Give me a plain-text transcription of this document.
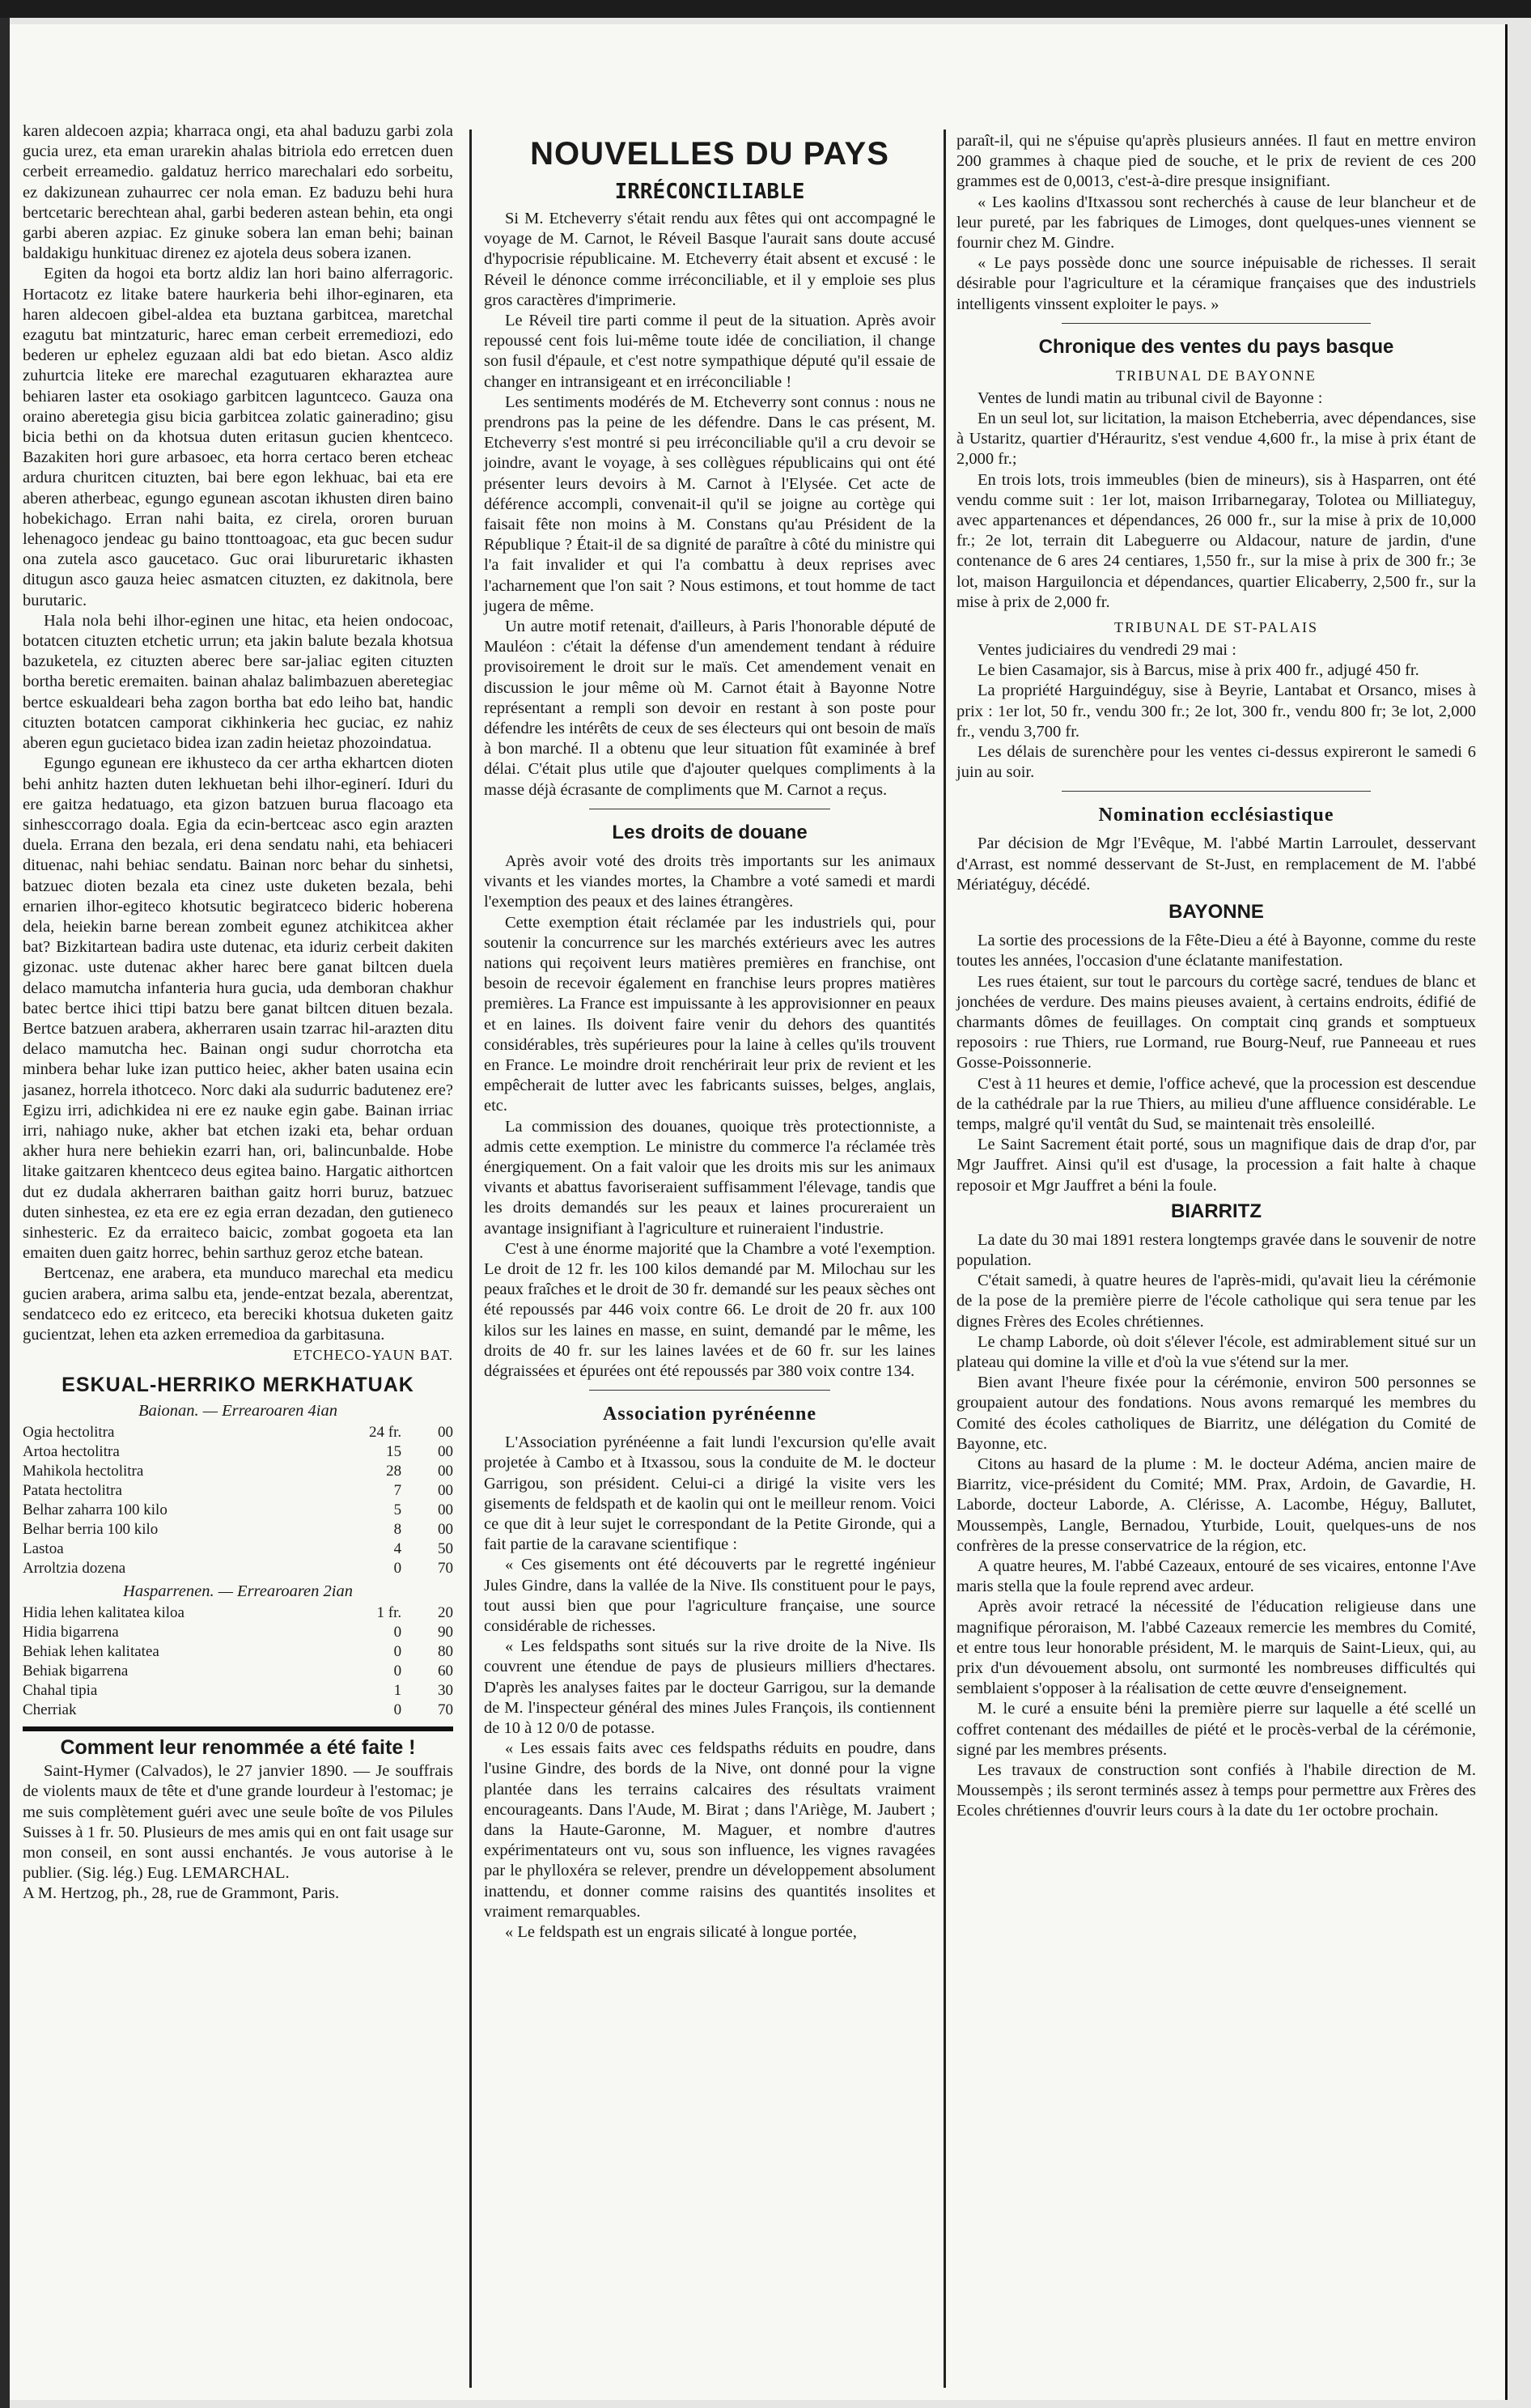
karen aldecoen azpia; kharraca ongi, eta ahal baduzu garbi zola gucia urez, eta eman urarekin ahalas bitriola edo erretcen duen cerbeit erreamedio. galdatuz herrico marechalari edo sorbeitu, ez dakizunean zuhaurrec cer nola eman. Ez baduzu behi hura bertcetaric berechtean ahal, garbi bederen astean behin, eta ongi garbi aberen azpiac. Ez ginuke sobera lan eman behi; bainan baldakigu hunkituac direnez ez ajotela deus sobera izanen.

Egiten da hogoi eta bortz aldiz lan hori baino alferragoric. Hortacotz ez litake batere haurkeria behi ilhor-eginaren, eta haren aldecoen gibel-aldea eta buztana garbitcea, maretchal ezagutu bat mintzaturic, harec eman cerbeit erremediozi, edo bederen ur ephelez eguzaan aldi bat edo bietan. Asco aldiz zuhurtcia liteke ere marechal ezagutuaren ekharaztea aure behiaren laster eta osokiago garbitcen laguntceco. Gauza ona oraino aberetegia gisu bicia garbitcea zolatic gaineradino; gisu bicia bethi on da khotsua duten eritasun gucien khentceco. Bazakiten hori gure arbasoec, eta horra certaco beren etcheac ardura churitcen cituzten, bai bere egon lekhuac, bai eta ere aberen atherbeac, egungo egunean ascotan ikhusten diren baino hobekichago. Erran nahi baita, ez cirela, ororen buruan lehenagoco jendeac gu baino ttonttoagoac, eta guc becen sudur ona zutela asco gaucetaco. Guc orai libururetaric ikhasten ditugun asco gauza heiec asmatcen cituzten, ez dakitnola, bere burutaric.

Hala nola behi ilhor-eginen une hitac, eta heien ondocoac, botatcen cituzten etchetic urrun; eta jakin balute bezala khotsua bazuketela, ez cituzten aberec bere sar-jaliac egiten cituzten bortha beretic eremaiten. bainan ahalaz balimbazuen aberetegiac bertce eskualdeari beha zagon bortha bat edo leiho bat, handic cituzten botatcen camporat cikhinkeria hec guciac, ez nahiz aberen egun gucietaco bidea izan zadin heietaz phozoindatua.

Egungo egunean ere ikhusteco da cer artha ekhartcen dioten behi anhitz hazten duten lekhuetan behi ilhor-eginerí. Iduri du ere gaitza hedatuago, eta gizon batzuen burua flacoago eta sinhesccorrago doala. Egia da ecin-bertceac asco egin arazten duela. Errana den bezala, eri dena sendatu nahi, eta behiaceri dituenac, nahi behiac sendatu. Bainan norc behar du sinhetsi, batzuec dioten bezala eta cinez uste duketen bezala, behi ernarien ilhor-egiteco khotsutic begiratceco bideric hoberena dela, heiekin barne berean zombeit egunez atchikitcea akher bat? Bizkitartean badira uste dutenac, eta iduriz cerbeit dakiten gizonac. uste dutenac akher harec bere ganat biltcen duela delaco mamutcha infanteria hura gucia, uda demboran chakhur batec bertce ihici ttipi batzu bere ganat biltcen dituen bezala. Bertce batzuen arabera, akherraren usain tzarrac hil-arazten ditu delaco mamutcha hec. Bainan ongi sudur chorrotcha eta minbera behar luke izan puttico heiec, akher baten usaina ecin jasanez, horrela ithotceco. Norc daki ala sudurric badutenez ere? Egizu irri, adichkidea ni ere ez nauke egin gabe. Bainan irriac irri, nahiago nuke, akher bat etchen izaki eta, behar orduan akher hura nere behiekin ezarri han, ori, balincunbalde. Hobe litake gaitzaren khentceco deus egitea baino. Hargatic aithortcen dut ez dudala akherraren baithan gaitz horri buruz, batzuec duten sinhestea, ez eta ere ez egia erran dezadan, den gutieneco sinhesteric. Ez da erraiteco baicic, zombat gogoeta eta lan emaiten duen gaitz horrec, behin sarthuz geroz etche batean.

Bertcenaz, ene arabera, eta munduco marechal eta medicu gucien arabera, arima salbu eta, jende-entzat bezala, aberentzat, sendatceco edo ez eritceco, eta bereciki khotsua duketen gaitz gucientzat, lehen eta azken erremedioa da garbitasuna.

ETCHECO-YAUN BAT.
ESKUAL-HERRIKO MERKHATUAK
Baionan. — Errearoaren 4ian
Ogia hectolitra	24 fr.	00
Artoa hectolitra	15	00
Mahikola hectolitra	28	00
Patata hectolitra	7	00
Belhar zaharra 100 kilo	5	00
Belhar berria 100 kilo	8	00
Lastoa	4	50
Arroltzia dozena	0	70
Hasparrenen. — Errearoaren 2ian
Hidia lehen kalitatea kiloa	1 fr.	20
Hidia bigarrena	0	90
Behiak lehen kalitatea	0	80
Behiak bigarrena	0	60
Chahal tipia	1	30
Cherriak	0	70
Comment leur renommée a été faite !

Saint-Hymer (Calvados), le 27 janvier 1890. — Je souffrais de violents maux de tête et d'une grande lourdeur à l'estomac; je me suis complètement guéri avec une seule boîte de vos Pilules Suisses à 1 fr. 50. Plusieurs de mes amis qui en ont fait usage sur mon conseil, en sont aussi enchantés. Je vous autorise à le publier. (Sig. lég.) Eug. LEMARCHAL.

A M. Hertzog, ph., 28, rue de Grammont, Paris.

NOUVELLES DU PAYS
IRRÉCONCILIABLE

Si M. Etcheverry s'était rendu aux fêtes qui ont accompagné le voyage de M. Carnot, le Réveil Basque l'aurait sans doute accusé d'hypocrisie républicaine. M. Etcheverry était absent et excusé : le Réveil le dénonce comme irréconciliable, et il y emploie ses plus gros caractères d'imprimerie.

Le Réveil tire parti comme il peut de la situation. Après avoir repoussé cent fois lui-même toute idée de conciliation, il change son fusil d'épaule, et c'est notre sympathique député qu'il essaie de changer en intransigeant et en irréconciliable !

Les sentiments modérés de M. Etcheverry sont connus : nous ne prendrons pas la peine de les défendre. Dans le cas présent, M. Etcheverry s'est montré si peu irréconciliable qu'il a cru devoir se joindre, avant le voyage, à ses collègues républicains qui ont été présenter leurs devoirs à M. Carnot à l'Elysée. Cet acte de déférence accompli, convenait-il qu'il se joigne au cortège qui faisait fête non moins à M. Constans qu'au Président de la République ? Était-il de sa dignité de paraître à côté du ministre qui l'a fait invalider et qui l'a combattu à deux reprises avec l'acharnement que l'on sait ? Nous estimons, et tout homme de tact jugera de même.

Un autre motif retenait, d'ailleurs, à Paris l'honorable député de Mauléon : c'était la défense d'un amendement tendant à réduire provisoirement le droit sur le maïs. Cet amendement venait en discussion le jour même où M. Carnot était à Bayonne Notre représentant a rempli son devoir en restant à son poste pour défendre les intérêts de ceux de ses électeurs qui ont besoin de maïs à bon marché. Il a obtenu que leur situation fût examinée à bref délai. C'était plus utile que d'ajouter quelques compliments à la masse déjà écrasante de compliments que M. Carnot a reçus.

Les droits de douane

Après avoir voté des droits très importants sur les animaux vivants et les viandes mortes, la Chambre a voté samedi et mardi l'exemption des peaux et des laines étrangères.

Cette exemption était réclamée par les industriels qui, pour soutenir la concurrence sur les marchés extérieurs avec les autres nations qui reçoivent leurs matières premières en franchise, ont besoin de recevoir également en franchise leurs propres matières premières. La France est impuissante à les approvisionner en peaux et en laines. Ils doivent faire venir du dehors des quantités considérables, très supérieures pour la laine à celles qu'ils trouvent en France. Le moindre droit renchérirait leur prix de revient et les empêcherait de lutter avec les fabricants suisses, belges, anglais, etc.

La commission des douanes, quoique très protectionniste, a admis cette exemption. Le ministre du commerce l'a réclamée très énergiquement. On a fait valoir que les droits mis sur les animaux vivants et abattus favoriseraient suffisamment l'élevage, tandis que les droits demandés sur les peaux et laines procureraient un avantage insignifiant à l'agriculture et ruineraient l'industrie.

C'est à une énorme majorité que la Chambre a voté l'exemption. Le droit de 12 fr. les 100 kilos demandé par M. Milochau sur les peaux fraîches et le droit de 30 fr. demandé sur les peaux sèches ont été repoussés par 446 voix contre 66. Le droit de 20 fr. aux 100 kilos sur les laines en masse, en suint, demandé par le même, les droits de 40 fr. sur les laines lavées et de 60 fr. sur les laines dégraissées et épurées ont été repoussés par 380 voix contre 134.

Association pyrénéenne

L'Association pyrénéenne a fait lundi l'excursion qu'elle avait projetée à Cambo et à Itxassou, sous la conduite de M. le docteur Garrigou, son président. Celui-ci a dirigé la visite vers les gisements de feldspath et de kaolin qui ont le meilleur renom. Voici ce que dit à leur sujet le correspondant de la Petite Gironde, qui a fait partie de la caravane scientifique :

« Ces gisements ont été découverts par le regretté ingénieur Jules Gindre, dans la vallée de la Nive. Ils constituent pour le pays, tout aussi bien que pour l'agriculture française, une source considérable de richesses.

« Les feldspaths sont situés sur la rive droite de la Nive. Ils couvrent une étendue de pays de plusieurs milliers d'hectares. D'après les analyses faites par le docteur Garrigou, sur la demande de M. l'inspecteur général des mines Jules François, ils contiennent de 10 à 12 0/0 de potasse.

« Les essais faits avec ces feldspaths réduits en poudre, dans l'usine Gindre, des bords de la Nive, ont donné pour la vigne plantée dans les terrains calcaires des résultats vraiment encourageants. Dans l'Aude, M. Birat ; dans l'Ariège, M. Jaubert ; dans la Haute-Garonne, M. Maguer, et nombre d'autres expérimentateurs ont vu, sous son influence, les vignes ravagées par le phylloxéra se relever, prendre un développement absolument inattendu, et donner comme raisins des quantités insolites et vraiment remarquables.

« Le feldspath est un engrais silicaté à longue portée,

paraît-il, qui ne s'épuise qu'après plusieurs années. Il faut en mettre environ 200 grammes à chaque pied de souche, et le prix de revient de ces 200 grammes est de 0,0013, c'est-à-dire presque insignifiant.

« Les kaolins d'Itxassou sont recherchés à cause de leur blancheur et de leur pureté, par les fabriques de Limoges, dont quelques-unes viennent se fournir chez M. Gindre.

« Le pays possède donc une source inépuisable de richesses. Il serait désirable pour l'agriculture et la céramique françaises que des industriels intelligents vinssent exploiter le pays. »

Chronique des ventes du pays basque
TRIBUNAL DE BAYONNE

Ventes de lundi matin au tribunal civil de Bayonne :

En un seul lot, sur licitation, la maison Etcheberria, avec dépendances, sise à Ustaritz, quartier d'Hérauritz, s'est vendue 4,600 fr., la mise à prix étant de 2,000 fr.;

En trois lots, trois immeubles (bien de mineurs), sis à Hasparren, ont été vendu comme suit : 1er lot, maison Irribarnegaray, Tolotea ou Milliateguy, avec appartenances et dépendances, 26 000 fr., sur la mise à prix de 10,000 fr.; 2e lot, terrain dit Labeguerre ou Aldacour, nature de jardin, d'une contenance de 6 ares 24 centiares, 1,550 fr., sur la mise à prix de 300 fr.; 3e lot, maison Harguiloncia et dépendances, quartier Elicaberry, 2,500 fr., sur la mise à prix de 2,000 fr.

TRIBUNAL DE ST-PALAIS

Ventes judiciaires du vendredi 29 mai :

Le bien Casamajor, sis à Barcus, mise à prix 400 fr., adjugé 450 fr.

La propriété Harguindéguy, sise à Beyrie, Lantabat et Orsanco, mises à prix : 1er lot, 50 fr., vendu 300 fr.; 2e lot, 300 fr., vendu 800 fr; 3e lot, 2,000 fr., vendu 3,700 fr.

Les délais de surenchère pour les ventes ci-dessus expireront le samedi 6 juin au soir.

Nomination ecclésiastique

Par décision de Mgr l'Evêque, M. l'abbé Martin Larroulet, desservant d'Arrast, est nommé desservant de St-Just, en remplacement de M. l'abbé Mériatéguy, décédé.

BAYONNE

La sortie des processions de la Fête-Dieu a été à Bayonne, comme du reste toutes les années, l'occasion d'une éclatante manifestation.

Les rues étaient, sur tout le parcours du cortège sacré, tendues de blanc et jonchées de verdure. Des mains pieuses avaient, à certains endroits, édifié de charmants dômes de feuillages. On comptait cinq grands et somptueux reposoirs : rue Thiers, rue Lormand, rue Bourg-Neuf, rue Panneeau et rues Gosse-Poissonnerie.

C'est à 11 heures et demie, l'office achevé, que la procession est descendue de la cathédrale par la rue Thiers, au milieu d'une affluence considérable. Le temps, malgré qu'il ventât du Sud, se maintenait très ensoleillé.

Le Saint Sacrement était porté, sous un magnifique dais de drap d'or, par Mgr Jauffret. Ainsi qu'il est d'usage, la procession a fait halte à chaque reposoir et Mgr Jauffret a béni la foule.

BIARRITZ

La date du 30 mai 1891 restera longtemps gravée dans le souvenir de notre population.

C'était samedi, à quatre heures de l'après-midi, qu'avait lieu la cérémonie de la pose de la première pierre de l'école catholique qui sera tenue par les dignes Frères des Ecoles chrétiennes.

Le champ Laborde, où doit s'élever l'école, est admirablement situé sur un plateau qui domine la ville et d'où la vue s'étend sur la mer.

Bien avant l'heure fixée pour la cérémonie, environ 500 personnes se groupaient autour des fondations. Nous avons remarqué les membres du Comité des écoles catholiques de Biarritz, une délégation du Comité de Bayonne, etc.

Citons au hasard de la plume : M. le docteur Adéma, ancien maire de Biarritz, vice-président du Comité; MM. Prax, Ardoin, de Gavardie, H. Laborde, docteur Laborde, A. Clérisse, A. Lacombe, Héguy, Ballutet, Moussempès, Langle, Bernadou, Yturbide, Louit, quelques-uns de nos confrères de la presse conservatrice de la région, etc.

A quatre heures, M. l'abbé Cazeaux, entouré de ses vicaires, entonne l'Ave maris stella que la foule reprend avec ardeur.

Après avoir retracé la nécessité de l'éducation religieuse dans une magnifique péroraison, M. l'abbé Cazeaux remercie les membres du Comité, et entre tous leur honorable président, M. le marquis de Saint-Lieux, qui, au prix d'un dévouement absolu, ont surmonté les nombreuses difficultés qui semblaient s'opposer à la réalisation de cette œuvre d'enseignement.

M. le curé a ensuite béni la première pierre sur laquelle a été scellé un coffret contenant des médailles de piété et le procès-verbal de la cérémonie, signé par les membres présents.

Les travaux de construction sont confiés à l'habile direction de M. Moussempès ; ils seront terminés assez à temps pour permettre aux Frères des Ecoles chrétiennes d'ouvrir leurs cours à la date du 1er octobre prochain.
